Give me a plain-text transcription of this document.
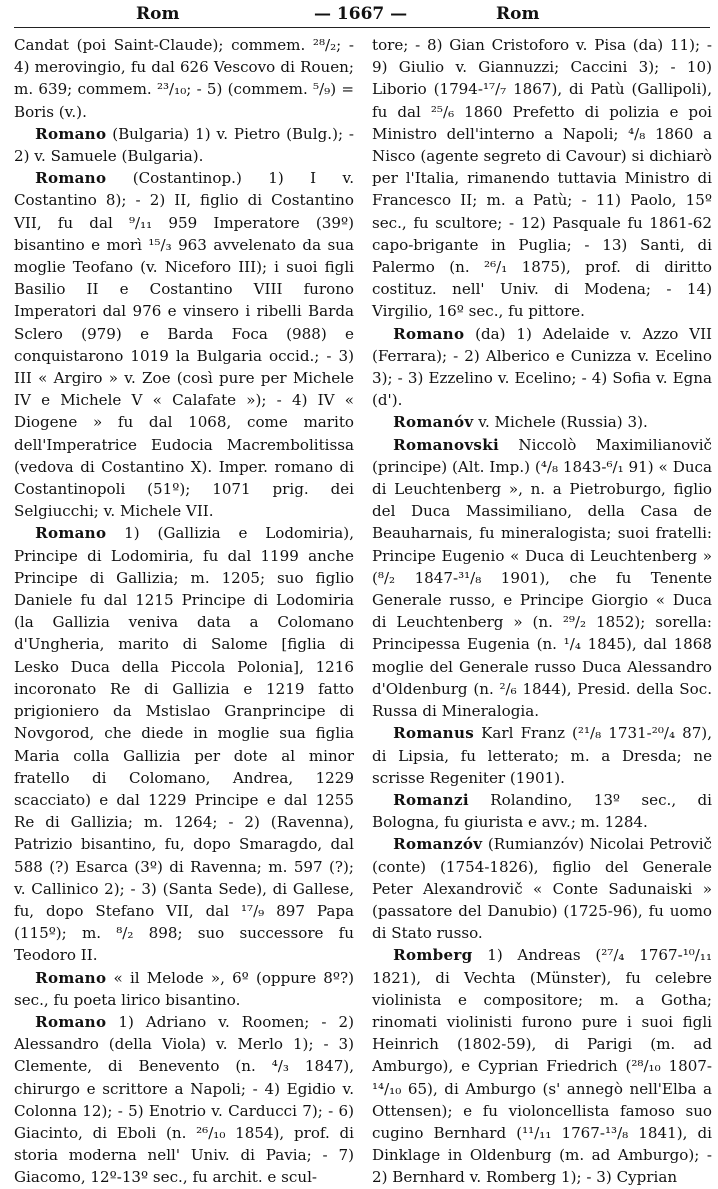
Rom	— 1667 —	Rom

Candat (poi Saint-Claude); commem. ²⁸/₂; - 4) merovingio, fu dal 626 Vescovo di Rouen; m. 639; commem. ²³/₁₀; - 5) (commem. ⁵/₉) = Boris (v.).

Romano (Bulgaria) 1) v. Pietro (Bulg.); - 2) v. Samuele (Bulgaria).

Romano (Costantinop.) 1) I v. Costantino 8); - 2) II, figlio di Costantino VII, fu dal ⁹/₁₁ 959 Imperatore (39º) bisantino e morì ¹⁵/₃ 963 avvelenato da sua moglie Teofano (v. Niceforo III); i suoi figli Basilio II e Costantino VIII furono Imperatori dal 976 e vinsero i ribelli Barda Sclero (979) e Barda Foca (988) e conquistarono 1019 la Bulgaria occid.; - 3) III « Argiro » v. Zoe (così pure per Michele IV e Michele V « Calafate »); - 4) IV « Diogene » fu dal 1068, come marito dell'Imperatrice Eudocia Macrembolitissa (vedova di Costantino X). Imper. romano di Costantinopoli (51º); 1071 prig. dei Selgiucchi; v. Michele VII.

Romano 1) (Gallizia e Lodomiria), Principe di Lodomiria, fu dal 1199 anche Principe di Gallizia; m. 1205; suo figlio Daniele fu dal 1215 Principe di Lodomiria (la Gallizia veniva data a Colomano d'Ungheria, marito di Salome [figlia di Lesko Duca della Piccola Polonia], 1216 incoronato Re di Gallizia e 1219 fatto prigioniero da Mstislao Granprincipe di Novgorod, che diede in moglie sua figlia Maria colla Gallizia per dote al minor fratello di Colomano, Andrea, 1229 scacciato) e dal 1229 Principe e dal 1255 Re di Gallizia; m. 1264; - 2) (Ravenna), Patrizio bisantino, fu, dopo Smaragdo, dal 588 (?) Esarca (3º) di Ravenna; m. 597 (?); v. Callinico 2); - 3) (Santa Sede), di Gallese, fu, dopo Stefano VII, dal ¹⁷/₉ 897 Papa (115º); m. ⁸/₂ 898; suo successore fu Teodoro II.

Romano « il Melode », 6º (oppure 8º?) sec., fu poeta lirico bisantino.

Romano 1) Adriano v. Roomen; - 2) Alessandro (della Viola) v. Merlo 1); - 3) Clemente, di Benevento (n. ⁴/₃ 1847), chirurgo e scrittore a Napoli; - 4) Egidio v. Colonna 12); - 5) Enotrio v. Carducci 7); - 6) Giacinto, di Eboli (n. ²⁶/₁₀ 1854), prof. di storia moderna nell' Univ. di Pavia; - 7) Giacomo, 12º-13º sec., fu archit. e scul-

tore; - 8) Gian Cristoforo v. Pisa (da) 11); - 9) Giulio v. Giannuzzi; Caccini 3); - 10) Liborio (1794-¹⁷/₇ 1867), di Patù (Gallipoli), fu dal ²⁵/₆ 1860 Prefetto di polizia e poi Ministro dell'interno a Napoli; ⁴/₈ 1860 a Nisco (agente segreto di Cavour) si dichiarò per l'Italia, rimanendo tuttavia Ministro di Francesco II; m. a Patù; - 11) Paolo, 15º sec., fu scultore; - 12) Pasquale fu 1861-62 capo-brigante in Puglia; - 13) Santi, di Palermo (n. ²⁶/₁ 1875), prof. di diritto costituz. nell' Univ. di Modena; - 14) Virgilio, 16º sec., fu pittore.

Romano (da) 1) Adelaide v. Azzo VII (Ferrara); - 2) Alberico e Cunizza v. Ecelino 3); - 3) Ezzelino v. Ecelino; - 4) Sofia v. Egna (d').

Romanóv v. Michele (Russia) 3).

Romanovski Niccolò Maximilianovič (principe) (Alt. Imp.) (⁴/₈ 1843-⁶/₁ 91) « Duca di Leuchtenberg », n. a Pietroburgo, figlio del Duca Massimiliano, della Casa de Beauharnais, fu mineralogista; suoi fratelli: Principe Eugenio « Duca di Leuchtenberg » (⁸/₂ 1847-³¹/₈ 1901), che fu Tenente Generale russo, e Principe Giorgio « Duca di Leuchtenberg » (n. ²⁹/₂ 1852); sorella: Principessa Eugenia (n. ¹/₄ 1845), dal 1868 moglie del Generale russo Duca Alessandro d'Oldenburg (n. ²/₆ 1844), Presid. della Soc. Russa di Mineralogia.

Romanus Karl Franz (²¹/₈ 1731-²⁰/₄ 87), di Lipsia, fu letterato; m. a Dresda; ne scrisse Regeniter (1901).

Romanzi Rolandino, 13º sec., di Bologna, fu giurista e avv.; m. 1284.

Romanzóv (Rumianzóv) Nicolai Petrovič (conte) (1754-1826), figlio del Generale Peter Alexandrovič « Conte Sadunaiski » (passatore del Danubio) (1725-96), fu uomo di Stato russo.

Romberg 1) Andreas (²⁷/₄ 1767-¹⁰/₁₁ 1821), di Vechta (Münster), fu celebre violinista e compositore; m. a Gotha; rinomati violinisti furono pure i suoi figli Heinrich (1802-59), di Parigi (m. ad Amburgo), e Cyprian Friedrich (²⁸/₁₀ 1807-¹⁴/₁₀ 65), di Amburgo (s' annegò nell'Elba a Ottensen); e fu violoncellista famoso suo cugino Bernhard (¹¹/₁₁ 1767-¹³/₈ 1841), di Dinklage in Oldenburg (m. ad Amburgo); - 2) Bernhard v. Romberg 1); - 3) Cyprian
